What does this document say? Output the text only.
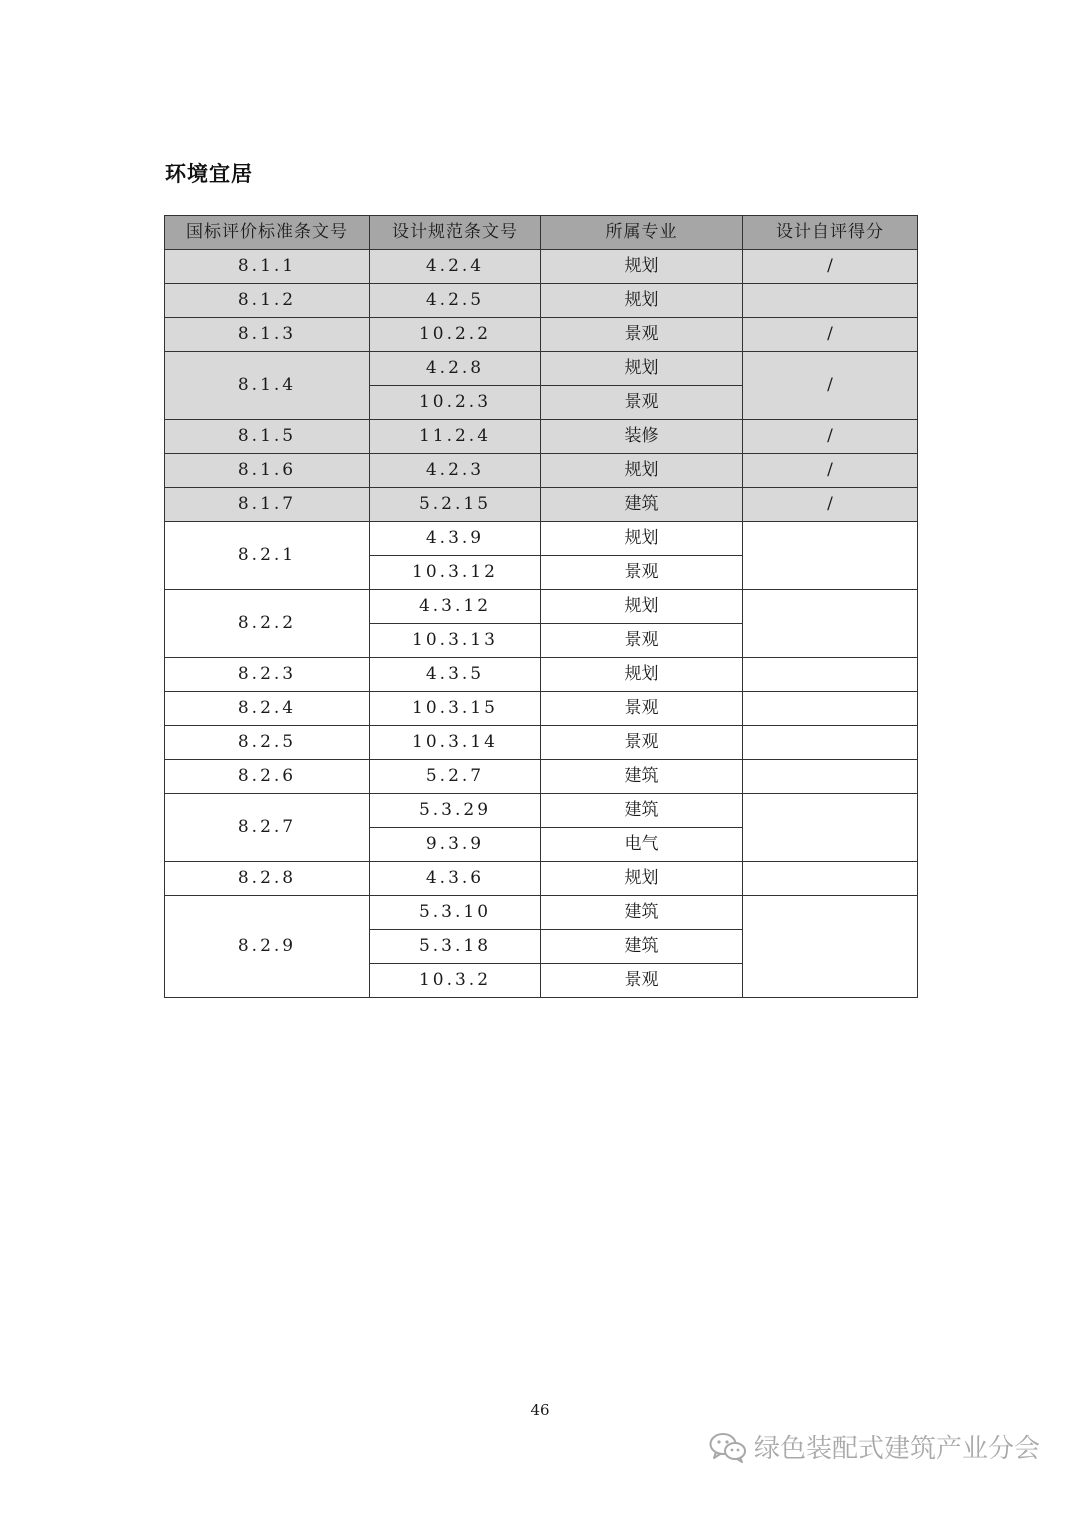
环境宜居
国标评价标准条文号	设计规范条文号	所属专业	设计自评得分
8.1.1	4.2.4	规划	/
8.1.2	4.2.5	规划	
8.1.3	10.2.2	景观	/
8.1.4	4.2.8	规划	/
	10.2.3	景观	
8.1.5	11.2.4	装修	/
8.1.6	4.2.3	规划	/
8.1.7	5.2.15	建筑	/
8.2.1	4.3.9	规划	
	10.3.12	景观	
8.2.2	4.3.12	规划	
	10.3.13	景观	
8.2.3	4.3.5	规划	
8.2.4	10.3.15	景观	
8.2.5	10.3.14	景观	
8.2.6	5.2.7	建筑	
8.2.7	5.3.29	建筑	
	9.3.9	电气	
8.2.8	4.3.6	规划	
8.2.9	5.3.10	建筑	
	5.3.18	建筑	
	10.3.2	景观	
46
绿色装配式建筑产业分会
